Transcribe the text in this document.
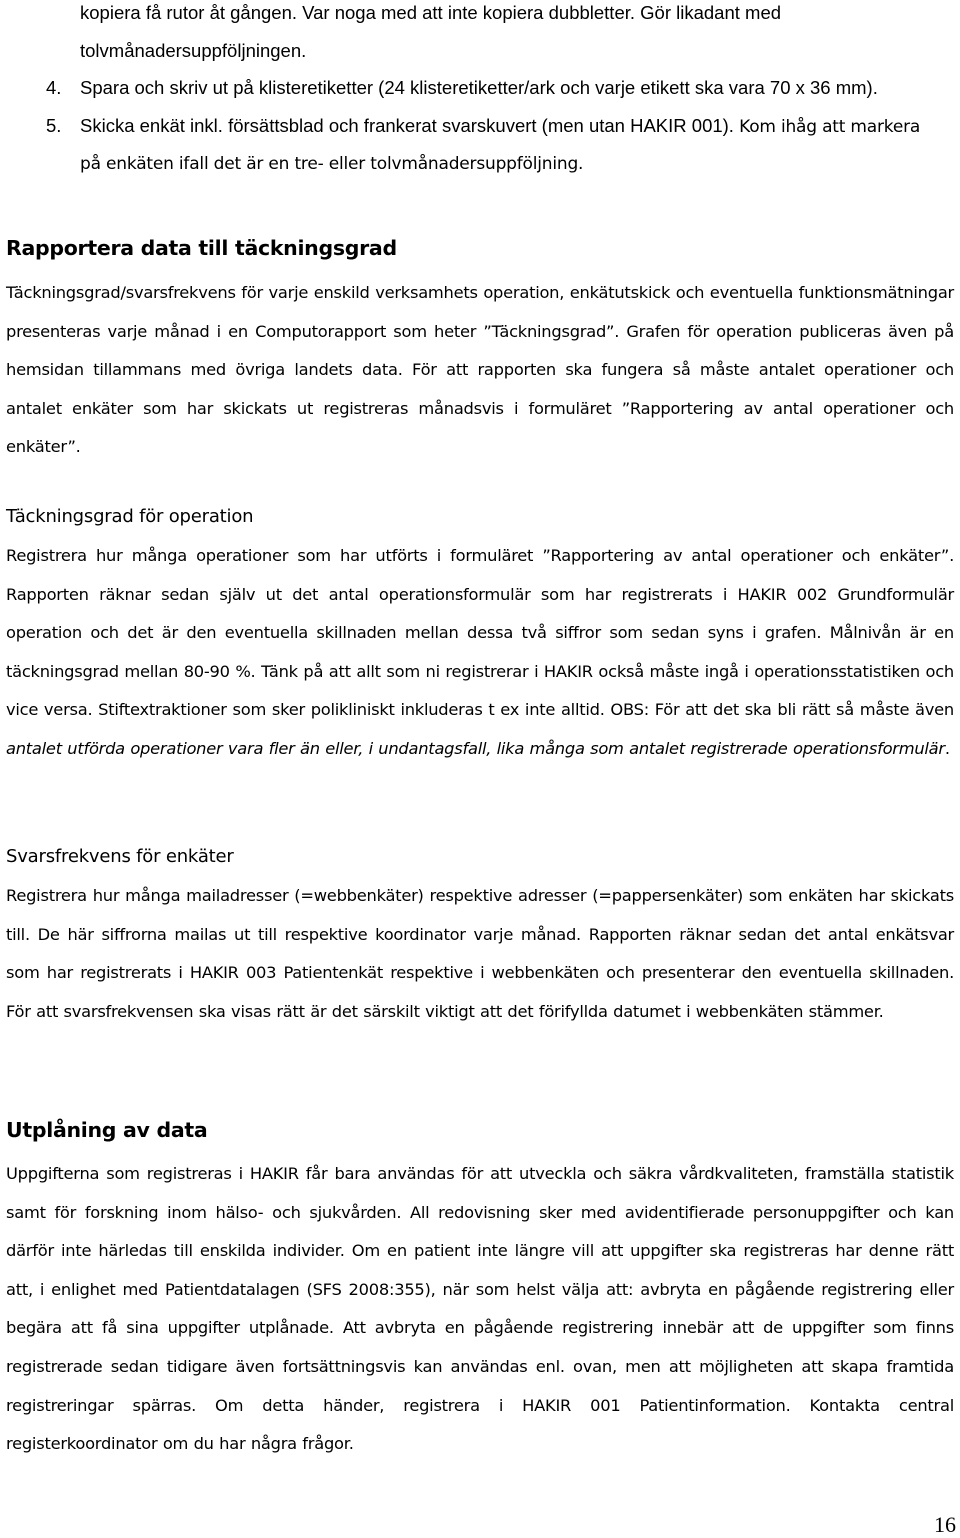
kopiera få rutor åt gången. Var noga med att inte kopiera dubbletter. Gör likadant med
tolvmånadersuppföljningen.
4. Spara och skriv ut på klisteretiketter (24 klisteretiketter/ark och varje etikett ska vara 70 x 36 mm).
5. Skicka enkät inkl. försättsblad och frankerat svarskuvert (men utan HAKIR 001). Kom ihåg att markera
på enkäten ifall det är en tre- eller tolvmånadersuppföljning.
Rapportera data till täckningsgrad
Täckningsgrad/svarsfrekvens för varje enskild verksamhets operation, enkätutskick och eventuella funktionsmätningar presenteras varje månad i en Computorapport som heter ”Täckningsgrad”. Grafen för operation publiceras även på hemsidan tillammans med övriga landets data. För att rapporten ska fungera så måste antalet operationer och antalet enkäter som har skickats ut registreras månadsvis i formuläret ”Rapportering av antal operationer och enkäter”.
Täckningsgrad för operation
Registrera hur många operationer som har utförts i formuläret ”Rapportering av antal operationer och enkäter”. Rapporten räknar sedan själv ut det antal operationsformulär som har registrerats i HAKIR 002 Grundformulär operation och det är den eventuella skillnaden mellan dessa två siffror som sedan syns i grafen. Målnivån är en täckningsgrad mellan 80-90 %. Tänk på att allt som ni registrerar i HAKIR också måste ingå i operationsstatistiken och vice versa. Stiftextraktioner som sker polikliniskt inkluderas t ex inte alltid. OBS: För att det ska bli rätt så måste även antalet utförda operationer vara fler än eller, i undantagsfall, lika många som antalet registrerade operationsformulär.
Svarsfrekvens för enkäter
Registrera hur många mailadresser (=webbenkäter) respektive adresser (=pappersenkäter) som enkäten har skickats till. De här siffrorna mailas ut till respektive koordinator varje månad. Rapporten räknar sedan det antal enkätsvar som har registrerats i HAKIR 003 Patientenkät respektive i webbenkäten och presenterar den eventuella skillnaden. För att svarsfrekvensen ska visas rätt är det särskilt viktigt att det förifyllda datumet i webbenkäten stämmer.
Utplåning av data
Uppgifterna som registreras i HAKIR får bara användas för att utveckla och säkra vårdkvaliteten, framställa statistik samt för forskning inom hälso- och sjukvården. All redovisning sker med avidentifierade personuppgifter och kan därför inte härledas till enskilda individer. Om en patient inte längre vill att uppgifter ska registreras har denne rätt att, i enlighet med Patientdatalagen (SFS 2008:355), när som helst välja att: avbryta en pågående registrering eller begära att få sina uppgifter utplånade. Att avbryta en pågående registrering innebär att de uppgifter som finns registrerade sedan tidigare även fortsättningsvis kan användas enl. ovan, men att möjligheten att skapa framtida registreringar spärras. Om detta händer, registrera i HAKIR 001 Patientinformation. Kontakta central registerkoordinator om du har några frågor.
16
